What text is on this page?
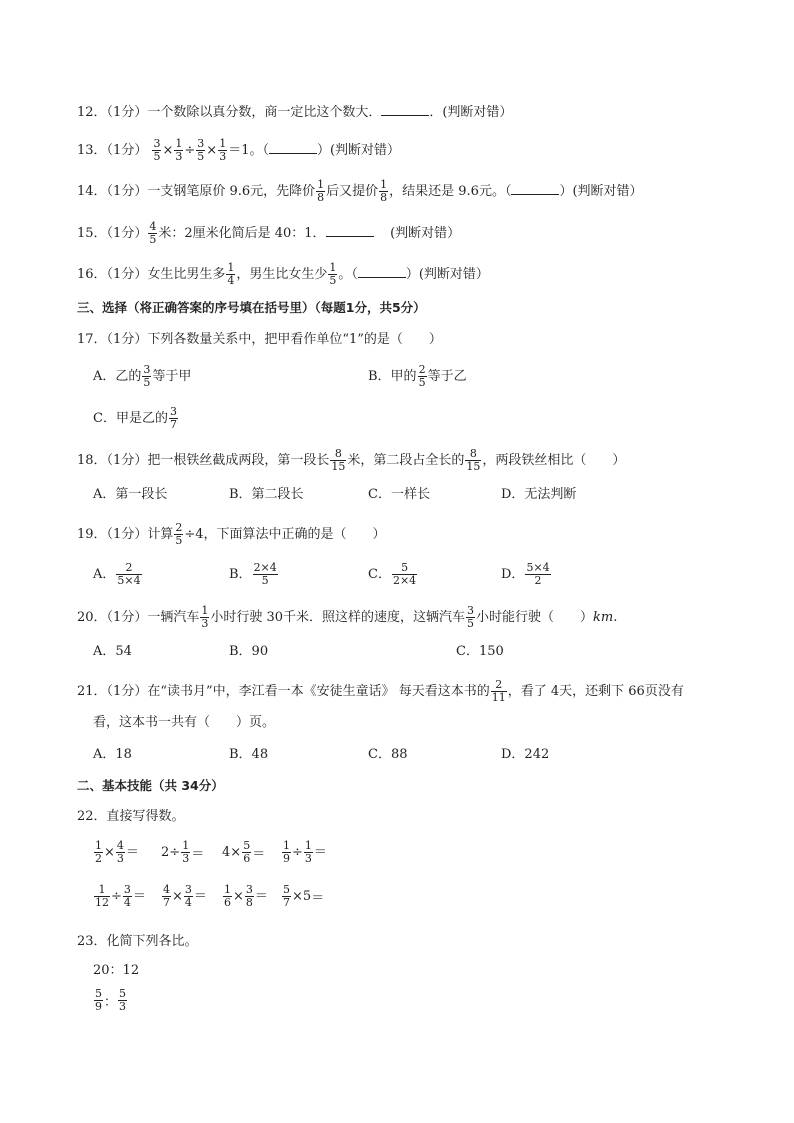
12．（1分）一个数除以真分数，商一定比这个数大．	．(判断对错）
13．（1分） $\frac{3}{5} \times \frac{1}{3} \div \frac{3}{5} \times \frac{1}{3} =1$。（	）(判断对错）
14．（1分）一支钢笔原价 9.6元，先降价 $\frac{1}{8}$ 后又提价 $\frac{1}{8}$ ，结果还是 9.6元。（	）(判断对错）
15．（1分） $\frac{4}{5}$ 米：2厘米化简后是 40：1．	(判断对错）
16．（1分）女生比男生多 $\frac{1}{4}$ ，男生比女生少 $\frac{1}{5}$ 。（	）(判断对错）
三、选择（将正确答案的序号填在括号里）（每题1分，共5分）
17．（1分）下列各数量关系中，把甲看作单位“1”的是（　　）
A．乙的 $\frac{3}{5}$ 等于甲	B．甲的 $\frac{2}{5}$ 等于乙
C．甲是乙的 $\frac{3}{7}$
18．（1分）把一根铁丝截成两段，第一段长 $\frac{8}{15}$ 米，第二段占全长的 $\frac{8}{15}$ ，两段铁丝相比（　　）
A．第一段长	B．第二段长	C．一样长	D．无法判断
19．（1分）计算 $\frac{2}{5} \div 4$，下面算法中正确的是（　　）
A． $\frac{2}{5\times 4}$	B． $\frac{2\times 4}{5}$	C． $\frac{5}{2\times 4}$	D． $\frac{5\times 4}{2}$
20．（1分）一辆汽车 $\frac{1}{3}$ 小时行驶 30千米．照这样的速度，这辆汽车 $\frac{3}{5}$ 小时能行驶（　　）km.
A．54	B．90	C．150
21．（1分）在“读书月”中，李江看一本《安徒生童话》 每天看这本书的 $\frac{2}{11}$ ，看了 4天，还剩下 66页没有
看，这本书一共有（　　）页。
A．18	B．48	C．88	D．242
二、基本技能（共 34分）
22．直接写得数。
$\frac{1}{2} \times \frac{4}{3} = 2\div \frac{1}{3} = 4\times \frac{5}{6} = \frac{1}{9} \div \frac{1}{3}$ ＝
$\frac{1}{12} \div \frac{3}{4} = \frac{4}{7} \times \frac{3}{4} = \frac{1}{6} \times \frac{3}{8} = \frac{5}{7} \times 5=$
23．化简下列各比。
20：12
$\frac{5}{9}$ ： $\frac{5}{3}$
